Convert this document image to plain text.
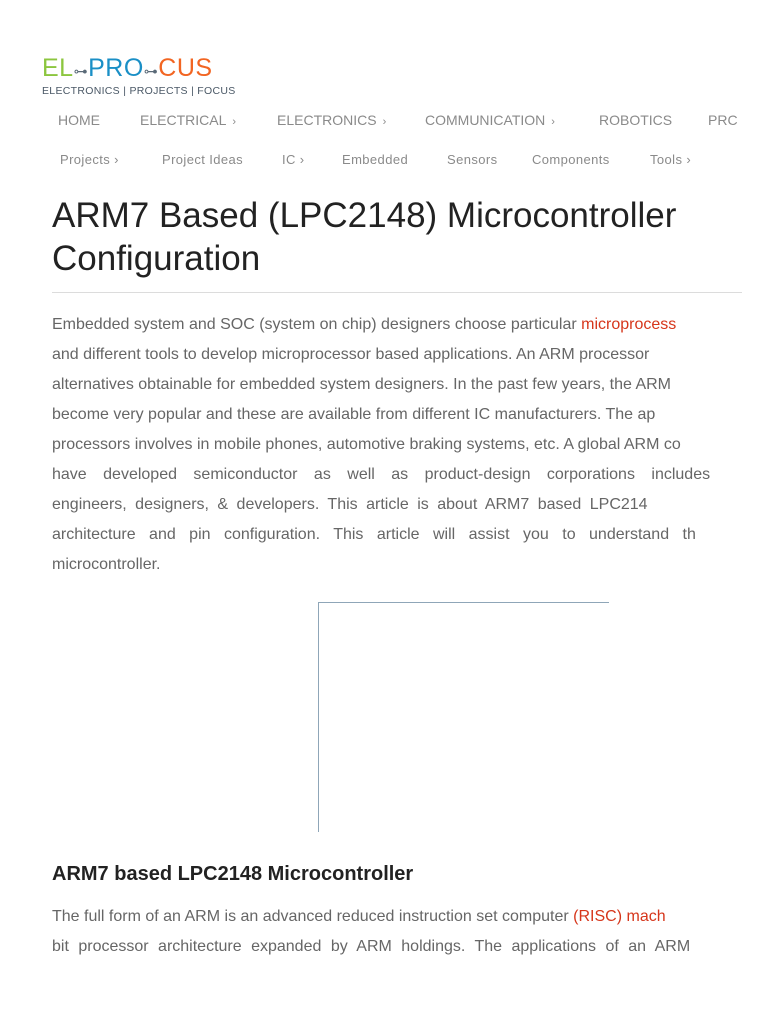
EL⊶PRO⊶CUS
ELECTRONICS | PROJECTS | FOCUS
HOME	ELECTRICAL ›	ELECTRONICS ›	COMMUNICATION ›	ROBOTICS	PRC
Projects ›	Project Ideas	IC ›	Embedded	Sensors	Components	Tools ›
ARM7 Based (LPC2148) Microcontroller
Configuration
Embedded system and SOC (system on chip) designers choose particular microprocess
and different tools to develop microprocessor based applications. An ARM processor
alternatives obtainable for embedded system designers. In the past few years, the ARM
become very popular and these are available from different IC manufacturers. The ap
processors involves in mobile phones, automotive braking systems, etc. A global ARM co
have developed semiconductor as well as product-design corporations includes
engineers, designers, & developers. This article is about ARM7 based LPC214
architecture and pin configuration. This article will assist you to understand th
microcontroller.
ARM7 based LPC2148 Microcontroller
The full form of an ARM is an advanced reduced instruction set computer (RISC) mach
bit processor architecture expanded by ARM holdings. The applications of an ARM
